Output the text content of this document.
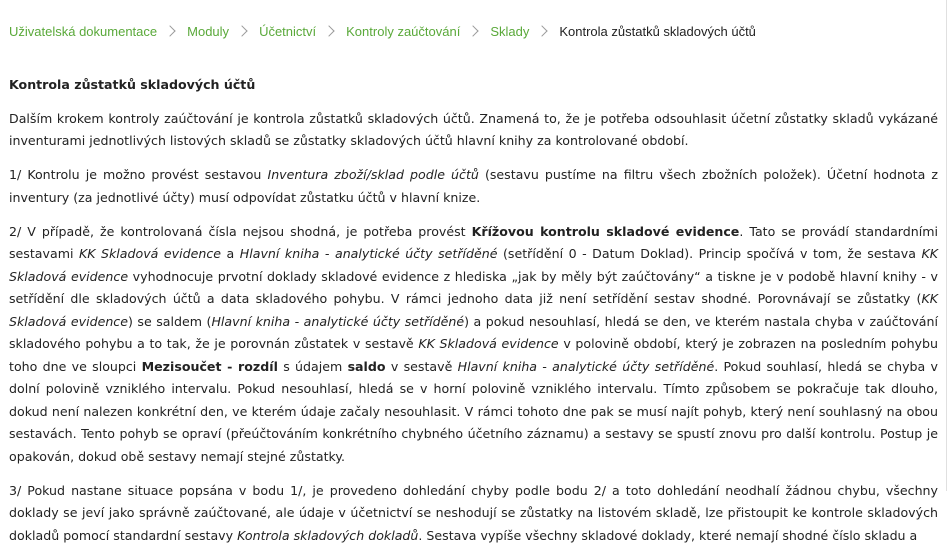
Uživatelská dokumentace Moduly Účetnictví Kontroly zaúčtování Sklady Kontrola zůstatků skladových účtů

Kontrola zůstatků skladových účtů

Dalším krokem kontroly zaúčtování je kontrola zůstatků skladových účtů. Znamená to, že je potřeba odsouhlasit účetní zůstatky skladů vykázané inventurami jednotlivých listových skladů se zůstatky skladových účtů hlavní knihy za kontrolované období.

1/ Kontrolu je možno provést sestavou Inventura zboží/sklad podle účtů (sestavu pustíme na filtru všech zbožních položek). Účetní hodnota z inventury (za jednotlivé účty) musí odpovídat zůstatku účtů v hlavní knize.

2/ V případě, že kontrolovaná čísla nejsou shodná, je potřeba provést Křížovou kontrolu skladové evidence. Tato se provádí standardními sestavami KK Skladová evidence a Hlavní kniha - analytické účty setříděné (setřídění 0 - Datum Doklad). Princip spočívá v tom, že sestava KK Skladová evidence vyhodnocuje prvotní doklady skladové evidence z hlediska „jak by měly být zaúčtovány“ a tiskne je v podobě hlavní knihy - v setřídění dle skladových účtů a data skladového pohybu. V rámci jednoho data již není setřídění sestav shodné. Porovnávají se zůstatky (KK Skladová evidence) se saldem (Hlavní kniha - analytické účty setříděné) a pokud nesouhlasí, hledá se den, ve kterém nastala chyba v zaúčtování skladového pohybu a to tak, že je porovnán zůstatek v sestavě KK Skladová evidence v polovině období, který je zobrazen na posledním pohybu toho dne ve sloupci Mezisoučet - rozdíl s údajem saldo v sestavě Hlavní kniha - analytické účty setříděné. Pokud souhlasí, hledá se chyba v dolní polovině vzniklého intervalu. Pokud nesouhlasí, hledá se v horní polovině vzniklého intervalu. Tímto způsobem se pokračuje tak dlouho, dokud není nalezen konkrétní den, ve kterém údaje začaly nesouhlasit. V rámci tohoto dne pak se musí najít pohyb, který není souhlasný na obou sestavách. Tento pohyb se opraví (přeúčtováním konkrétního chybného účetního záznamu) a sestavy se spustí znovu pro další kontrolu. Postup je opakován, dokud obě sestavy nemají stejné zůstatky.

3/ Pokud nastane situace popsána v bodu 1/, je provedeno dohledání chyby podle bodu 2/ a toto dohledání neodhalí žádnou chybu, všechny doklady se jeví jako správně zaúčtované, ale údaje v účetnictví se neshodují se zůstatky na listovém skladě, lze přistoupit ke kontrole skladových dokladů pomocí standardní sestavy Kontrola skladových dokladů. Sestava vypíše všechny skladové doklady, které nemají shodné číslo skladu a
